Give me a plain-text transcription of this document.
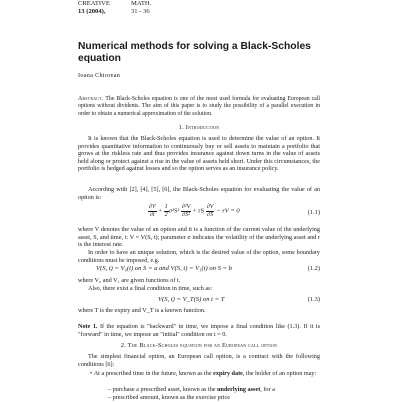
CREATIVE	MATH.
13 (2004),	31 - 36
Numerical methods for solving a Black-Scholes equation
Ioana Chiorean
Abstract. The Black-Scholes equation is one of the most used formula for evaluating European call options without dividents. The aim of this paper is to study the possibility of a parallel execution in order to obtain a numerical approximation of the solution.
1. Introduction
It is known that the Black-Scholes equation is used to determine the value of an option. It provides quantitative information to continuously buy or sell assets to maintain a portfolio that grows at the riskless rate and thus provides insurance against down turns in the value of assets held along or protect against a rise in the value of assets held short. Under this circumstances, the portfolio is hedged against losses and so the option serves as an insurance policy.
According with [2], [4], [5], [6], the Black-Scholes equation for evaluating the value of an option is:
$\frac{\partial V}{\partial t} + \frac{1}{2} \sigma^2S^2 \frac{\text{∂²V}}{\text{∂S²}}$ + rS $\frac{\partial V}{\partial S}$ − rV = 0	(1.1)
where V denotes the value of an option and it is a function of the current value of the underlying asset, S, and time, t: V = V(S, t); parameter σ indicates the volatility of the underlying asset and r is the interest rate.
In order to have an unique solution, which is the desired value of the option, some boundary conditions must be imposed, e.g.
V(S, t) = V₀(t) on S = a and V(S, t) = V₁(t) on S = b	(1.2)
where V₀ and V₁ are given functions of t.
Also, there exist a final condition in time, such as:
V(S, t) = V_T(S) on t = T	(1.3)
where T is the expiry and V_T is a known function.
Note 1. If the equation is "backward" in time, we impose a final condition like (1.3). If it is "forward" in time, we impose an "initial" condition on t = 0.
2. The Black-Scholes equation for an European call option
The simplest financial option, an European call option, is a contract with the following conditions [6]:
• At a prescribed time in the future, known as the expiry date, the holder of an option may:
– purchase a prescribed asset, known as the underlying asset, for a
– prescribed amount, known as the exercise price
